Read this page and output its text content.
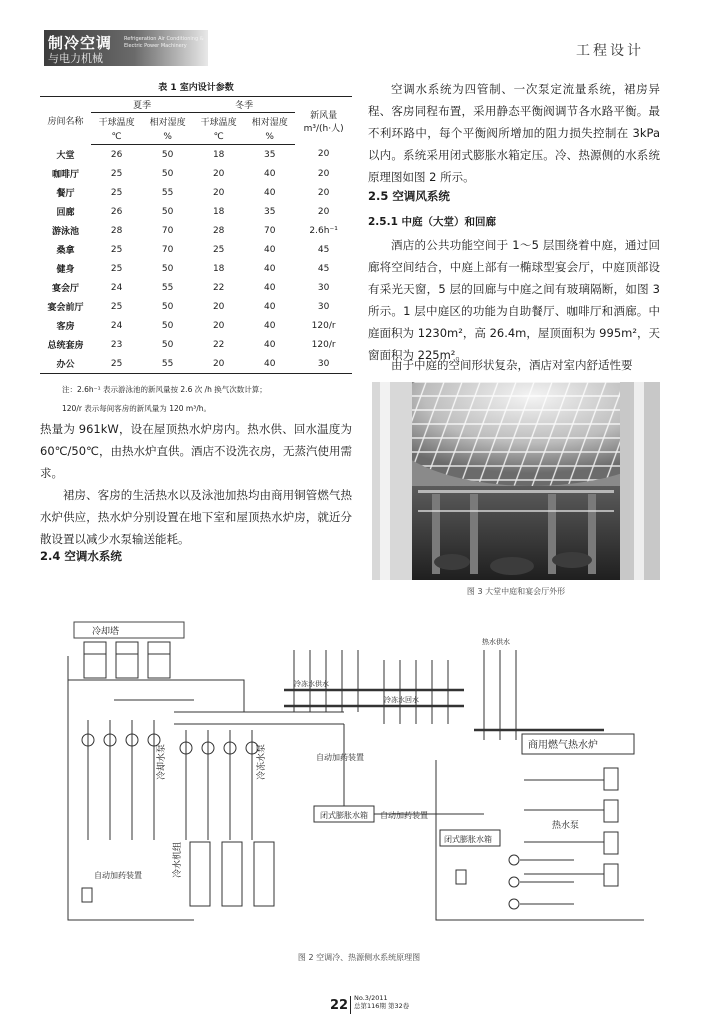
制冷空调
与电力机械
Refrigeration Air Conditioning & Electric Power Machinery	工程设计
表 1 室内设计参数
房间名称	夏季		冬季		新风量
m³/(h·人)

	干球温度	相对湿度	干球温度	相对湿度	
	℃	%	℃	%	
大堂	26	50	18	35	20
咖啡厅	25	50	20	40	20
餐厅	25	55	20	40	20
回廊	26	50	18	35	20
游泳池	28	70	28	70	2.6h⁻¹
桑拿	25	70	25	40	45
健身	25	50	18	40	45
宴会厅	24	55	22	40	30
宴会前厅	25	50	20	40	30
客房	24	50	20	40	120/r
总统套房	23	50	22	40	120/r
办公	25	55	20	40	30
注：2.6h⁻¹ 表示游泳池的新风量按 2.6 次 /h 换气次数计算；
120/r 表示每间客房的新风量为 120 m³/h。
热量为 961kW，设在屋顶热水炉房内。热水供、回水温度为 60℃/50℃，由热水炉直供。酒店不设洗衣房，无蒸汽使用需求。
裙房、客房的生活热水以及泳池加热均由商用铜管燃气热水炉供应，热水炉分别设置在地下室和屋顶热水炉房，就近分散设置以减少水泵输送能耗。
2.4 空调水系统
空调水系统为四管制、一次泵定流量系统，裙房异程、客房同程布置，采用静态平衡阀调节各水路平衡。最不利环路中，每个平衡阀所增加的阻力损失控制在 3kPa 以内。系统采用闭式膨胀水箱定压。冷、热源侧的水系统原理图如图 2 所示。
2.5 空调风系统
2.5.1 中庭（大堂）和回廊
酒店的公共功能空间于 1～5 层围绕着中庭，通过回廊将空间结合，中庭上部有一椭球型宴会厅，中庭顶部设有采光天窗，5 层的回廊与中庭之间有玻璃隔断，如图 3 所示。1 层中庭区的功能为自助餐厅、咖啡厅和酒廊。中庭面积为 1230m²，高 26.4m，屋顶面积为 995m²，天窗面积为 225m²。
由于中庭的空间形状复杂，酒店对室内舒适性要
图 3 大堂中庭和宴会厅外形
冷却塔
冷却水泵	冷冻水泵
冷水机组
自动加药装置
冷冻水供水
冷冻水回水
自动加药装置
闭式膨胀水箱 自动加药装置
热水供水
商用燃气热水炉
热水泵
闭式膨胀水箱
图 2 空调冷、热源侧水系统原理图
22 No.3/2011
总第116期 第32卷
